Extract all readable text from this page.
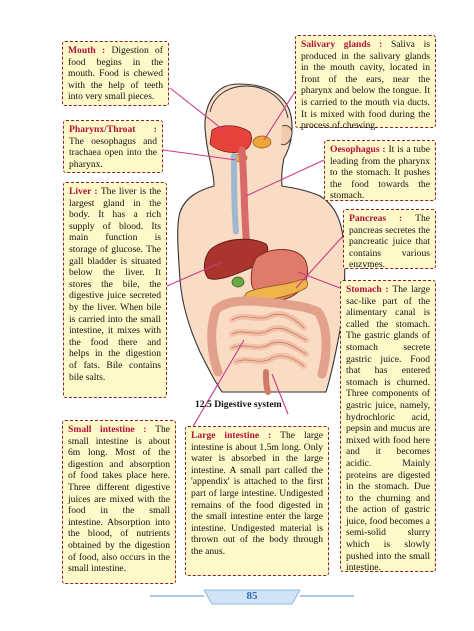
Mouth : Digestion of food begins in the mouth. Food is chewed with the help of teeth into very small pieces.
Salivary glands : Saliva is produced in the salivary glands in the mouth cavity, located in front of the ears, near the pharynx and below the tongue. It is carried to the mouth via ducts. It is mixed with food during the process of chewing.
Pharynx/Throat : The oesophagus and trachaea open into the pharynx.
Oesophagus : It is a tube leading from the pharynx to the stomach. It pushes the food towards the stomach.
Liver : The liver is the largest gland in the body. It has a rich supply of blood. Its main function is storage of glucose. The gall bladder is situated below the liver. It stores the bile, the digestive juice secreted by the liver. When bile is carried into the small intestine, it mixes with the food there and helps in the digestion of fats. Bile contains bile salts.
Pancreas : The pancreas secretes the pancreatic juice that contains various enzymes.
Stomach : The large sac-like part of the alimentary canal is called the stomach. The gastric glands of stomach secrete gastric juice. Food that has entered stomach is churned. Three components of gastric juice, namely, hydrochloric acid, pepsin and mucus are mixed with food here and it becomes acidic. Mainly proteins are digested in the stomach. Due to the churning and the action of gastric juice, food becomes a semi-solid slurry which is slowly pushed into the small intestine.
Small intestine : The small intestine is about 6m long. Most of the digestion and absorption of food takes place here. Three different digestive juices are mixed with the food in the small intestine. Absorption into the blood, of nutrients obtained by the digestion of food, also occurs in the small intestine.
Large intestine : The large intestine is about 1.5m long. Only water is absorbed in the large intestine. A small part called the 'appendix' is attached to the first part of large intestine. Undigested remains of the food digested in the small intestine enter the large intestine. Undigested material is thrown out of the body through the anus.
12.5 Digestive system
85
